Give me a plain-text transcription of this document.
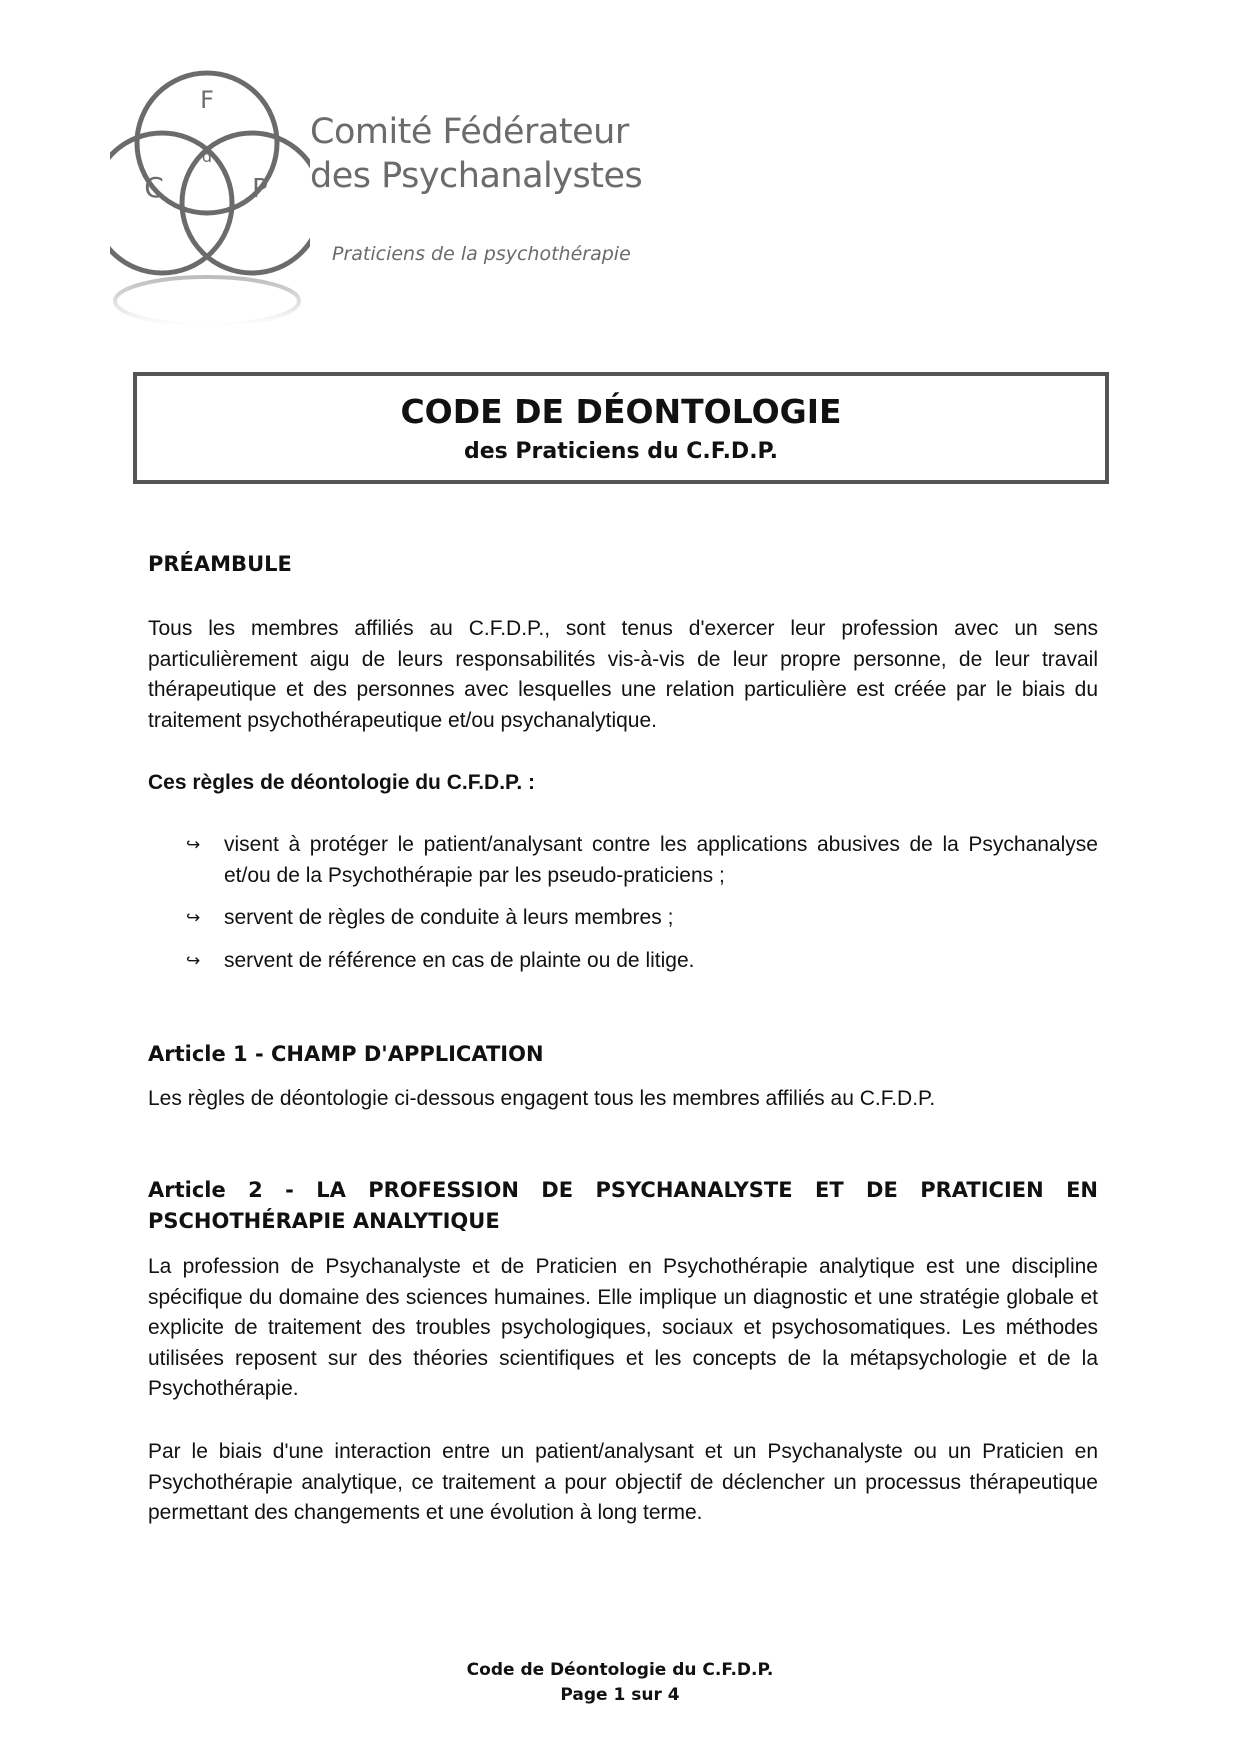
F
d
C	P
Comité Fédérateur
des Psychanalystes
Praticiens de la psychothérapie
CODE DE DÉONTOLOGIE
des Praticiens du C.F.D.P.
PRÉAMBULE
Tous les membres affiliés au C.F.D.P., sont tenus d'exercer leur profession avec un sens particulièrement aigu de leurs responsabilités vis-à-vis de leur propre personne, de leur travail thérapeutique et des personnes avec lesquelles une relation particulière est créée par le biais du traitement psychothérapeutique et/ou psychanalytique.
Ces règles de déontologie du C.F.D.P. :
↪ visent à protéger le patient/analysant contre les applications abusives de la Psychanalyse et/ou de la Psychothérapie par les pseudo-praticiens ;
↪ servent de règles de conduite à leurs membres ;
↪ servent de référence en cas de plainte ou de litige.
Article 1 - CHAMP D'APPLICATION
Les règles de déontologie ci-dessous engagent tous les membres affiliés au C.F.D.P.
Article 2 - LA PROFESSION DE PSYCHANALYSTE ET DE PRATICIEN EN PSCHOTHÉRAPIE ANALYTIQUE
La profession de Psychanalyste et de Praticien en Psychothérapie analytique est une discipline spécifique du domaine des sciences humaines. Elle implique un diagnostic et une stratégie globale et explicite de traitement des troubles psychologiques, sociaux et psychosomatiques. Les méthodes utilisées reposent sur des théories scientifiques et les concepts de la métapsychologie et de la Psychothérapie.
Par le biais d'une interaction entre un patient/analysant et un Psychanalyste ou un Praticien en Psychothérapie analytique, ce traitement a pour objectif de déclencher un processus thérapeutique permettant des changements et une évolution à long terme.
Code de Déontologie du C.F.D.P.
Page 1 sur 4
